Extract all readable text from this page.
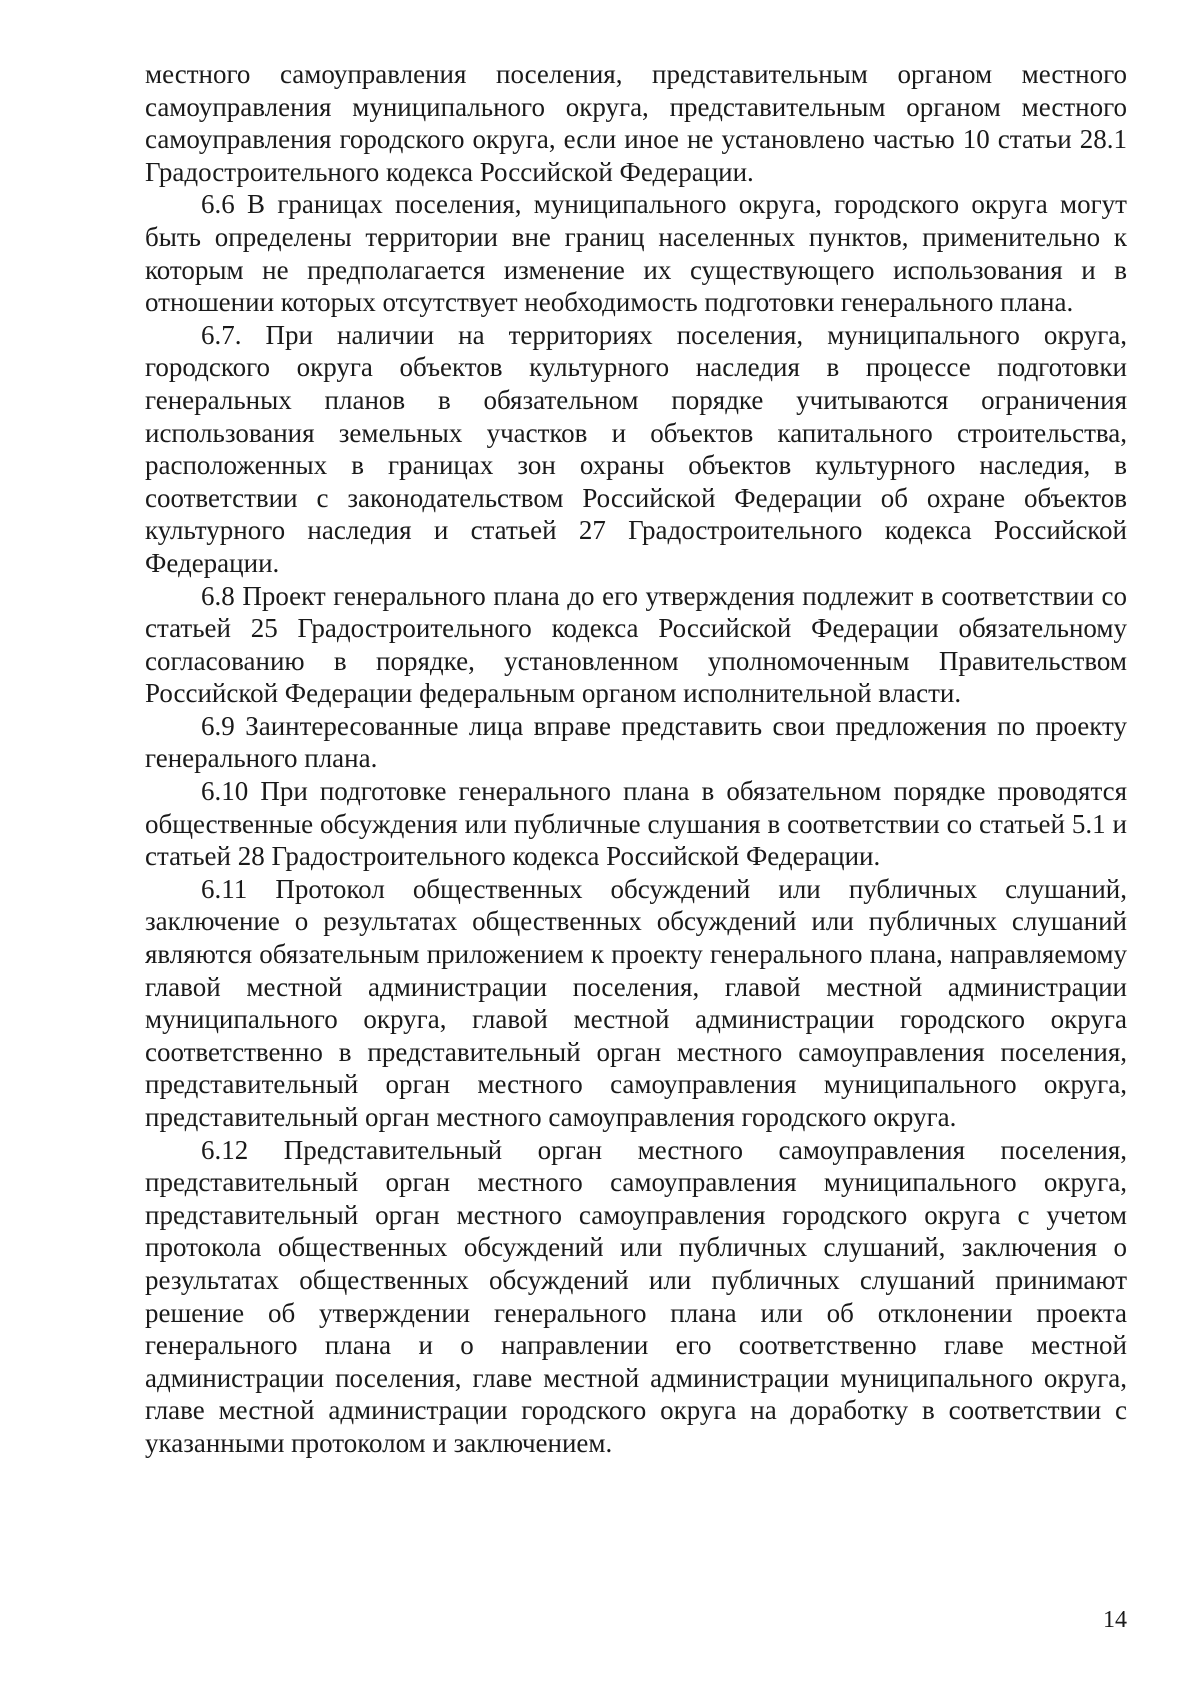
местного самоуправления поселения, представительным органом местного самоуправления муниципального округа, представительным органом местного самоуправления городского округа, если иное не установлено частью 10 статьи 28.1 Градостроительного кодекса Российской Федерации.

6.6 В границах поселения, муниципального округа, городского округа могут быть определены территории вне границ населенных пунктов, применительно к которым не предполагается изменение их существующего использования и в отношении которых отсутствует необходимость подготовки генерального плана.

6.7. При наличии на территориях поселения, муниципального округа, городского округа объектов культурного наследия в процессе подготовки генеральных планов в обязательном порядке учитываются ограничения использования земельных участков и объектов капитального строительства, расположенных в границах зон охраны объектов культурного наследия, в соответствии с законодательством Российской Федерации об охране объектов культурного наследия и статьей 27 Градостроительного кодекса Российской Федерации.

6.8 Проект генерального плана до его утверждения подлежит в соответствии со статьей 25 Градостроительного кодекса Российской Федерации обязательному согласованию в порядке, установленном уполномоченным Правительством Российской Федерации федеральным органом исполнительной власти.

6.9 Заинтересованные лица вправе представить свои предложения по проекту генерального плана.

6.10 При подготовке генерального плана в обязательном порядке проводятся общественные обсуждения или публичные слушания в соответствии со статьей 5.1 и статьей 28 Градостроительного кодекса Российской Федерации.

6.11 Протокол общественных обсуждений или публичных слушаний, заключение о результатах общественных обсуждений или публичных слушаний являются обязательным приложением к проекту генерального плана, направляемому главой местной администрации поселения, главой местной администрации муниципального округа, главой местной администрации городского округа соответственно в представительный орган местного самоуправления поселения, представительный орган местного самоуправления муниципального округа, представительный орган местного самоуправления городского округа.

6.12 Представительный орган местного самоуправления поселения, представительный орган местного самоуправления муниципального округа, представительный орган местного самоуправления городского округа с учетом протокола общественных обсуждений или публичных слушаний, заключения о результатах общественных обсуждений или публичных слушаний принимают решение об утверждении генерального плана или об отклонении проекта генерального плана и о направлении его соответственно главе местной администрации поселения, главе местной администрации муниципального округа, главе местной администрации городского округа на доработку в соответствии с указанными протоколом и заключением.

14
